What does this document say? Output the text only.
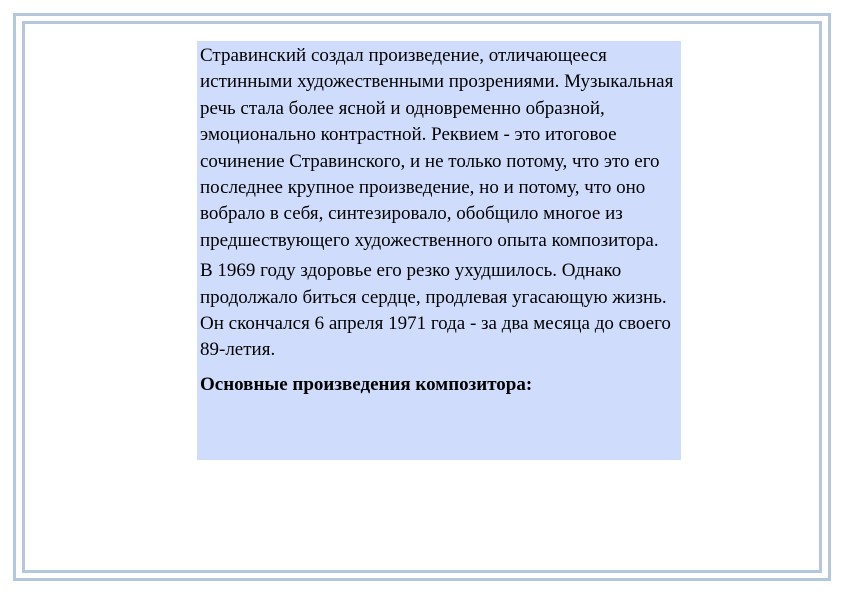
Стравинский создал произведение, отличающееся истинными художественными прозрениями. Музыкальная речь стала более ясной и одновременно образной, эмоционально контрастной. Реквием - это итоговое сочинение Стравинского, и не только потому, что это его последнее крупное произведение, но и потому, что оно вобрало в себя, синтезировало, обобщило многое из предшествующего художественного опыта композитора.

В 1969 году здоровье его резко ухудшилось. Однако продолжало биться сердце, продлевая угасающую жизнь. Он скончался 6 апреля 1971 года - за два месяца до своего 89-летия.

Основные произведения композитора:
